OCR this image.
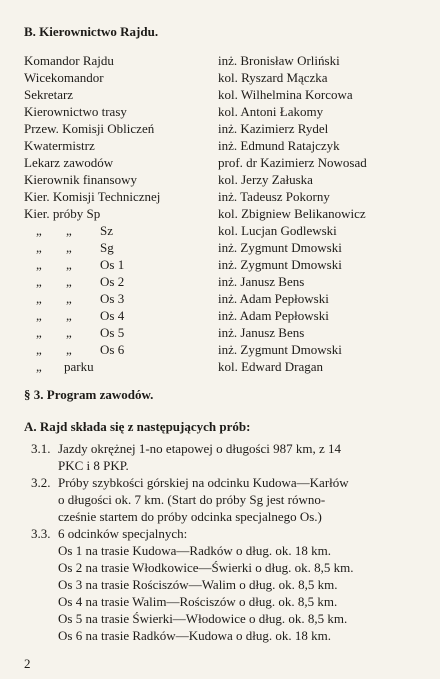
B. Kierownictwo Rajdu.
Komandor Rajdu	inż. Bronisław Orliński
Wicekomandor	kol. Ryszard Mączka
Sekretarz	kol. Wilhelmina Korcowa
Kierownictwo trasy	kol. Antoni Łakomy
Przew. Komisji Obliczeń	inż. Kazimierz Rydel
Kwatermistrz	inż. Edmund Ratajczyk
Lekarz zawodów	prof. dr Kazimierz Nowosad
Kierownik finansowy	kol. Jerzy Załuska
Kier. Komisji Technicznej	inż. Tadeusz Pokorny
Kier. próby Sp	kol. Zbigniew Belikanowicz
„ „ Sz	kol. Lucjan Godlewski
„ „ Sg	inż. Zygmunt Dmowski
„ „ Os 1	inż. Zygmunt Dmowski
„ „ Os 2	inż. Janusz Bens
„ „ Os 3	inż. Adam Pepłowski
„ „ Os 4	inż. Adam Pepłowski
„ „ Os 5	inż. Janusz Bens
„ „ Os 6	inż. Zygmunt Dmowski
„ parku	kol. Edward Dragan
§ 3. Program zawodów.
A. Rajd składa się z następujących prób:
3.1. Jazdy okrężnej 1-no etapowej o długości 987 km, z 14
PKC i 8 PKP.
3.2. Próby szybkości górskiej na odcinku Kudowa—Karłów
o długości ok. 7 km. (Start do próby Sg jest równo-
cześnie startem do próby odcinka specjalnego Os.)
3.3. 6 odcinków specjalnych:
Os 1 na trasie Kudowa—Radków o dług. ok. 18 km.
Os 2 na trasie Włodkowice—Świerki o dług. ok. 8,5 km.
Os 3 na trasie Rościszów—Walim o dług. ok. 8,5 km.
Os 4 na trasie Walim—Rościszów o dług. ok. 8,5 km.
Os 5 na trasie Świerki—Włodowice o dług. ok. 8,5 km.
Os 6 na trasie Radków—Kudowa o dług. ok. 18 km.
2
